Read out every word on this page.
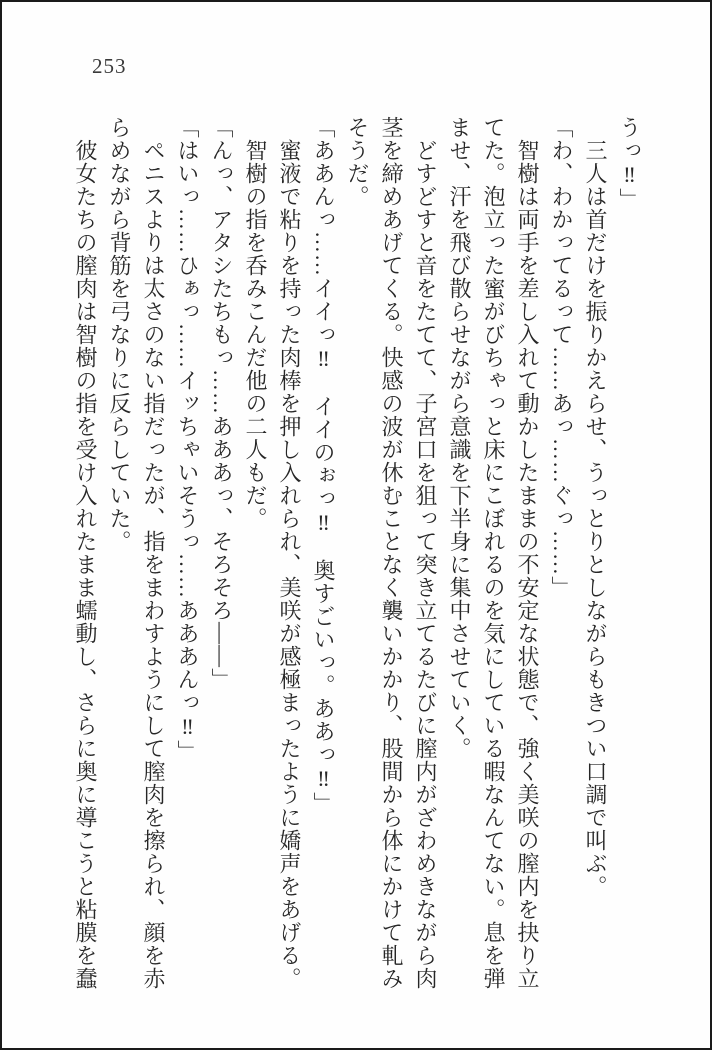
253

うっ‼」

三人は首だけを振りかえらせ、うっとりとしながらもきつい口調で叫ぶ。

「わ、わかってるって……あっ……ぐっ……」

智樹は両手を差し入れて動かしたままの不安定な状態で、強く美咲の膣内を抉り立

てた。泡立った蜜がびちゃっと床にこぼれるのを気にしている暇なんてない。息を弾

ませ、汗を飛び散らせながら意識を下半身に集中させていく。

どすどすと音をたてて、子宮口を狙って突き立てるたびに膣内がざわめきながら肉

茎を締めあげてくる。快感の波が休むことなく襲いかかり、股間から体にかけて軋み

そうだ。

「ああんっ……イイっ‼　イイのぉっ‼　奥すごいっ。ああっ‼」

蜜液で粘りを持った肉棒を押し入れられ、美咲が感極まったように嬌声をあげる。

智樹の指を呑みこんだ他の二人もだ。

「んっ、アタシたちもっ……あああっ、そろそろ――」

「はいっ……ひぁっ……イッちゃいそうっ……あああんっ‼」

ペニスよりは太さのない指だったが、指をまわすようにして膣肉を擦られ、顔を赤

らめながら背筋を弓なりに反らしていた。

彼女たちの膣肉は智樹の指を受け入れたまま蠕動し、さらに奥に導こうと粘膜を蠢
